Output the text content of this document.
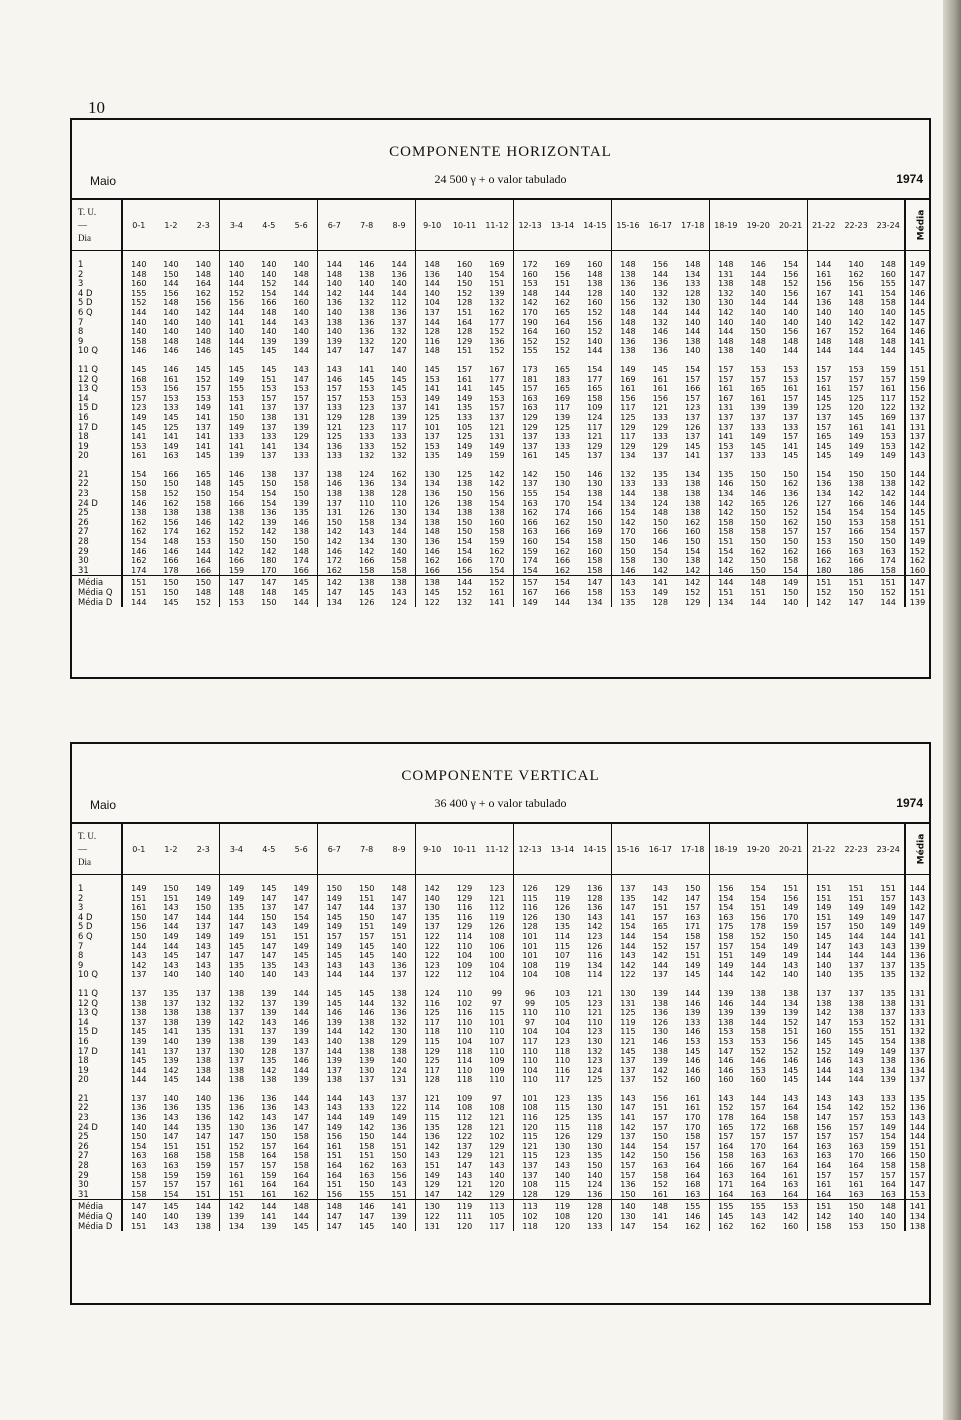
10
COMPONENTE HORIZONTAL
Maio	24 500 γ + o valor tabulado	1974
T. U.
—
Dia	0-1	1-2	2-3	3-4	4-5	5-6	6-7	7-8	8-9	9-10	10-11	11-12	12-13	13-14	14-15	15-16	16-17	17-18	18-19	19-20	20-21	21-22	22-23	23-24	Média
1	140	140	140	140	140	140	144	146	144	148	160	169	172	169	160	148	156	148	148	146	154	144	140	148	149
2	148	150	148	140	140	148	148	138	136	136	140	154	160	156	148	138	144	134	131	144	156	161	162	160	147
3	160	144	164	144	152	144	140	140	140	144	150	151	153	151	138	136	136	133	138	148	152	156	156	155	147
4 D	155	156	162	152	154	144	142	144	144	140	152	139	148	144	128	140	132	128	132	140	156	167	141	154	146
5 D	152	148	156	156	166	160	136	132	112	104	128	132	142	162	160	156	132	130	130	144	144	136	148	158	144
6 Q	144	140	142	144	148	140	140	138	136	137	151	162	170	165	152	148	144	144	142	140	140	140	140	140	145
7	140	140	140	141	144	143	138	136	137	144	164	177	190	164	156	148	132	140	140	140	140	140	142	142	147
8	140	140	140	140	140	140	140	136	132	128	128	152	164	160	152	148	146	144	144	150	156	167	152	164	146
9	158	148	148	144	139	139	139	132	120	116	129	136	152	152	140	136	136	138	148	148	148	148	148	148	141
10 Q	146	146	146	145	145	144	147	147	147	148	151	152	155	152	144	138	136	140	138	140	144	144	144	144	145
11 Q	145	146	145	145	145	143	143	141	140	145	157	167	173	165	154	149	145	154	157	153	153	157	153	159	151
12 Q	168	161	152	149	151	147	146	145	145	153	161	177	181	183	177	169	161	157	157	157	153	157	157	157	159
13 Q	153	156	157	155	153	153	157	153	145	141	141	145	157	165	165	161	161	166	161	165	161	161	157	161	156
14	157	153	153	153	157	157	157	153	153	149	149	153	163	169	158	156	156	157	167	161	157	145	125	117	152
15 D	123	133	149	141	137	137	133	123	137	141	135	157	163	117	109	117	121	123	131	139	139	125	120	122	132
16	149	145	141	150	138	131	129	128	139	125	133	137	129	139	124	125	133	137	137	137	137	137	145	169	137
17 D	145	125	137	149	137	139	121	123	117	101	105	121	129	125	117	129	129	126	137	133	133	157	161	141	131
18	141	141	141	133	133	129	125	133	133	137	125	131	137	133	121	117	133	137	141	149	157	165	149	153	137
19	153	149	141	141	141	134	136	133	152	153	149	149	137	133	129	129	129	145	153	145	141	145	149	153	142
20	161	163	145	139	137	133	133	132	132	135	149	159	161	145	137	134	137	141	137	133	145	145	149	149	143
21	154	166	165	146	138	137	138	124	162	130	125	142	142	150	146	132	135	134	135	150	150	154	150	150	144
22	150	150	148	145	150	158	146	136	134	134	138	142	137	130	130	133	133	138	146	150	162	136	138	138	142
23	158	152	150	154	154	150	138	138	128	136	150	156	155	154	138	144	138	138	134	146	136	134	142	142	144
24 D	146	162	158	166	154	139	137	110	110	126	138	154	163	170	154	134	124	138	142	165	126	127	166	146	144
25	138	138	138	138	136	135	131	126	130	134	138	138	162	174	166	154	148	138	142	150	152	154	154	154	145
26	162	156	146	142	139	146	150	158	134	138	150	160	166	162	150	142	150	162	158	150	162	150	153	158	151
27	162	174	162	152	142	138	142	143	144	148	150	158	163	166	169	170	166	160	158	158	157	157	166	154	157
28	154	148	153	150	150	150	142	134	130	136	154	159	160	154	158	150	146	150	151	150	150	153	150	150	149
29	146	146	144	142	142	148	146	142	140	146	154	162	159	162	160	150	154	154	154	162	162	166	163	163	152
30	162	166	164	166	180	174	172	166	158	162	166	170	174	166	158	158	130	138	142	150	158	162	166	174	162
31	174	178	166	159	170	166	162	158	158	166	156	154	154	162	158	146	142	142	146	150	154	180	186	158	160
Média	151	150	150	147	147	145	142	138	138	138	144	152	157	154	147	143	141	142	144	148	149	151	151	151	147
Média Q	151	150	148	148	148	145	147	145	143	145	152	161	167	166	158	153	149	152	151	151	150	152	150	152	151
Média D	144	145	152	153	150	144	134	126	124	122	132	141	149	144	134	135	128	129	134	144	140	142	147	144	139
COMPONENTE VERTICAL
Maio	36 400 γ + o valor tabulado	1974
T. U.
—
Dia	0-1	1-2	2-3	3-4	4-5	5-6	6-7	7-8	8-9	9-10	10-11	11-12	12-13	13-14	14-15	15-16	16-17	17-18	18-19	19-20	20-21	21-22	22-23	23-24	Média
1	149	150	149	149	145	149	150	150	148	142	129	123	126	129	136	137	143	150	156	154	151	151	151	151	144
2	151	151	149	149	147	147	149	151	147	140	129	121	115	119	128	135	142	147	154	154	156	151	151	157	143
3	161	143	150	135	137	147	147	144	137	130	116	112	116	126	136	147	151	157	154	151	149	149	149	149	142
4 D	150	147	144	144	150	154	145	150	147	135	116	119	126	130	143	141	157	163	163	156	170	151	149	149	147
5 D	156	144	137	147	143	149	149	151	149	137	129	126	128	135	142	154	165	171	175	178	159	157	150	149	149
6 Q	150	149	149	149	151	151	157	157	151	122	114	108	101	114	123	144	154	158	158	152	150	145	144	144	141
7	144	144	143	145	147	149	149	145	140	122	110	106	101	115	126	144	152	157	157	154	149	147	143	143	139
8	143	145	147	147	147	145	145	145	140	122	104	100	101	107	116	143	142	151	151	149	149	144	144	144	136
9	142	143	143	135	135	143	143	143	136	123	109	104	108	119	134	142	144	149	149	144	143	140	137	137	135
10 Q	137	140	140	140	140	143	144	144	137	122	112	104	104	108	114	122	137	145	144	142	140	140	135	135	132
11 Q	137	135	137	138	139	144	145	145	138	124	110	99	96	103	121	130	139	144	139	138	138	137	137	135	131
12 Q	138	137	132	132	137	139	145	144	132	116	102	97	99	105	123	131	138	146	146	144	134	138	138	138	131
13 Q	138	138	138	137	139	144	146	146	136	125	116	115	110	110	121	125	136	139	139	139	139	142	138	137	133
14	137	138	139	142	143	146	139	138	132	117	110	101	97	104	110	119	126	133	138	144	152	147	153	152	131
15 D	145	141	135	131	137	139	144	142	130	118	110	110	104	104	123	115	130	146	153	158	151	160	155	151	132
16	139	140	139	138	139	143	140	138	129	115	104	107	117	123	130	121	146	153	153	153	156	145	145	154	138
17 D	141	137	137	130	128	137	144	138	138	129	118	110	110	118	132	145	138	145	147	152	152	152	149	149	137
18	145	139	138	137	135	146	139	139	140	125	114	109	110	110	123	137	139	146	146	146	146	146	143	138	136
19	144	142	138	138	142	144	137	130	124	117	110	109	104	116	124	137	142	146	146	153	145	144	143	134	134
20	144	145	144	138	138	139	138	137	131	128	118	110	110	117	125	137	152	160	160	160	145	144	144	139	137
21	137	140	140	136	136	144	144	143	137	121	109	97	101	123	135	143	156	161	143	144	143	143	143	133	135
22	136	136	135	136	136	143	143	133	122	114	108	108	108	115	130	147	151	161	152	157	164	154	142	152	136
23	136	143	136	142	143	147	144	149	149	115	112	121	116	125	135	141	157	170	178	164	158	147	157	153	143
24 D	140	144	135	130	136	147	149	142	136	135	128	121	120	115	118	142	157	170	165	172	168	156	157	149	144
25	150	147	147	147	150	158	156	150	144	136	122	102	115	126	129	137	150	158	157	157	157	157	157	154	144
26	154	151	151	152	157	164	161	158	151	142	137	129	121	130	130	144	154	157	164	170	164	163	163	159	151
27	163	168	158	158	164	158	151	151	150	143	129	121	115	123	135	142	150	156	158	163	163	163	170	166	150
28	163	163	159	157	157	158	164	162	163	151	147	143	137	143	150	157	163	164	166	167	164	164	164	158	158
29	158	159	159	161	159	164	164	163	156	149	143	140	137	140	140	157	158	164	163	164	161	157	157	157	157
30	157	157	157	161	164	164	151	150	143	129	121	120	108	115	124	136	152	168	171	164	163	161	161	164	147
31	158	154	151	151	161	162	156	155	151	147	142	129	128	129	136	150	161	163	164	163	164	164	163	163	153
Média	147	145	144	142	144	148	148	146	141	130	119	113	113	119	128	140	148	155	155	155	153	151	150	148	141
Média Q	140	140	139	139	141	144	147	147	139	122	111	105	102	108	120	130	141	146	145	143	142	142	140	140	134
Média D	151	143	138	134	139	145	147	145	140	131	120	117	118	120	133	147	154	162	162	162	160	158	153	150	138
